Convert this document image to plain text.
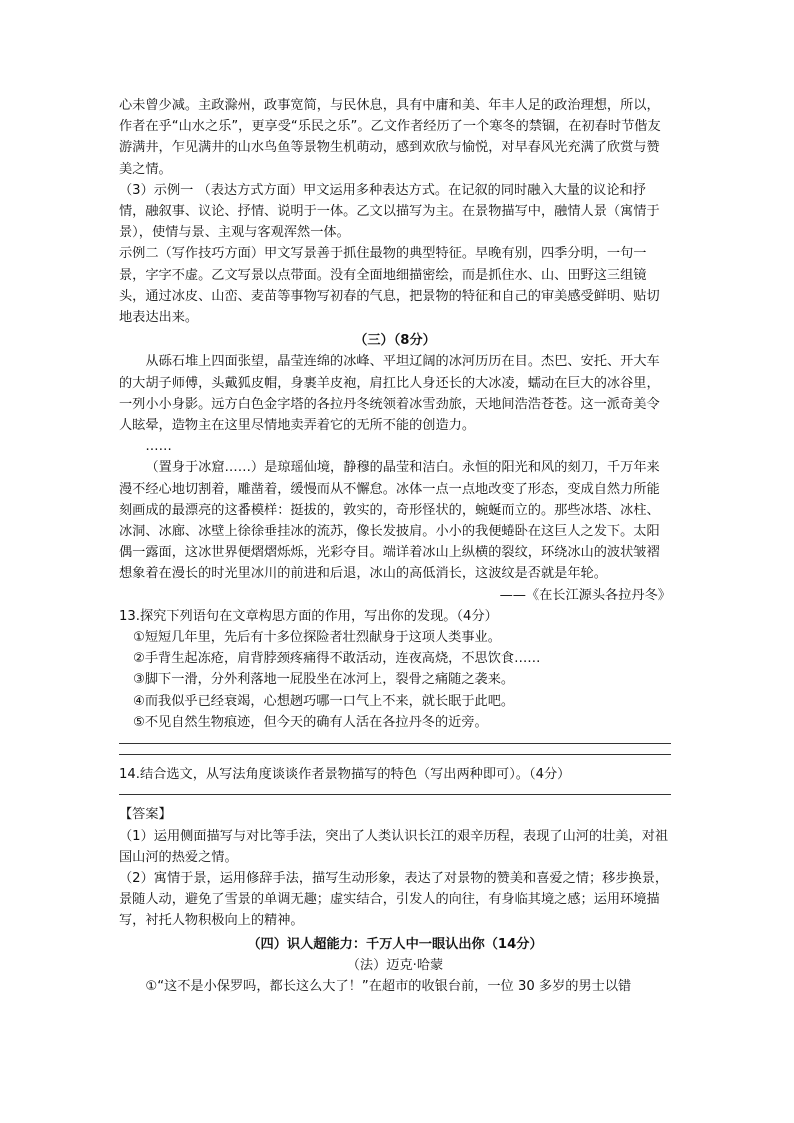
心未曾少减。主政滁州，政事宽简，与民休息，具有中庸和美、年丰人足的政治理想，所以，作者在乎“山水之乐”，更享受“乐民之乐”。乙文作者经历了一个寒冬的禁锢，在初春时节偕友游满井，乍见满井的山水鸟鱼等景物生机萌动，感到欢欣与愉悦，对早春风光充满了欣赏与赞美之情。

（3）示例一 （表达方式方面）甲文运用多种表达方式。在记叙的同时融入大量的议论和抒情，融叙事、议论、抒情、说明于一体。乙文以描写为主。在景物描写中，融情人景（寓情于景），使情与景、主观与客观浑然一体。

示例二（写作技巧方面）甲文写景善于抓住最物的典型特征。早晚有别，四季分明，一句一景，字字不虚。乙文写景以点带面。没有全面地细描密绘，而是抓住水、山、田野这三组镜头，通过冰皮、山峦、麦苗等事物写初春的气息，把景物的特征和自己的审美感受鲜明、贴切地表达出来。

（三）（8分）

从砾石堆上四面张望，晶莹连绵的冰峰、平坦辽阔的冰河历历在目。杰巴、安托、开大车的大胡子师傅，头戴狐皮帽，身裹羊皮袍，肩扛比人身还长的大冰凌，蠕动在巨大的冰谷里，一列小小身影。远方白色金字塔的各拉丹冬统领着冰雪劲旅，天地间浩浩苍苍。这一派奇美令人眩晕，造物主在这里尽情地卖弄着它的无所不能的创造力。

……

（置身于冰窟……）是琼瑶仙境，静穆的晶莹和洁白。永恒的阳光和风的刻刀，千万年来漫不经心地切割着，雕凿着，缓慢而从不懈怠。冰体一点一点地改变了形态，变成自然力所能刻画成的最漂亮的这番模样：挺拔的，敦实的，奇形怪状的，蜿蜒而立的。那些冰塔、冰柱、冰洞、冰廊、冰壁上徐徐垂挂冰的流苏，像长发披肩。小小的我便蜷卧在这巨人之发下。太阳偶一露面，这冰世界便熠熠烁烁，光彩夺目。端详着冰山上纵横的裂纹，环绕冰山的波状皱褶想象着在漫长的时光里冰川的前进和后退，冰山的高低消长，这波纹是否就是年轮。

——《在长江源头各拉丹冬》

13.探究下列语句在文章构思方面的作用，写出你的发现。（4分）

①短短几年里，先后有十多位探险者壮烈献身于这项人类事业。

②手背生起冻疮，肩背脖颈疼痛得不敢活动，连夜高烧，不思饮食……

③脚下一滑，分外利落地一屁股坐在冰河上，裂骨之痛随之袭来。

④而我似乎已经衰竭，心想趔巧哪一口气上不来，就长眠于此吧。

⑤不见自然生物痕迹，但今天的确有人活在各拉丹冬的近旁。

14.结合选文，从写法角度谈谈作者景物描写的特色（写出两种即可）。（4分）

【答案】

（1）运用侧面描写与对比等手法，突出了人类认识长江的艰辛历程，表现了山河的壮美，对祖国山河的热爱之情。

（2）寓情于景，运用修辞手法，描写生动形象，表达了对景物的赞美和喜爱之情；移步换景，景随人动，避免了雪景的单调无趣；虚实结合，引发人的向往，有身临其境之感；运用环境描写，衬托人物积极向上的精神。

（四）识人超能力：千万人中一眼认出你（14分）

（法）迈克·哈蒙

①“这不是小保罗吗，都长这么大了！”在超市的收银台前，一位 30 多岁的男士以错
